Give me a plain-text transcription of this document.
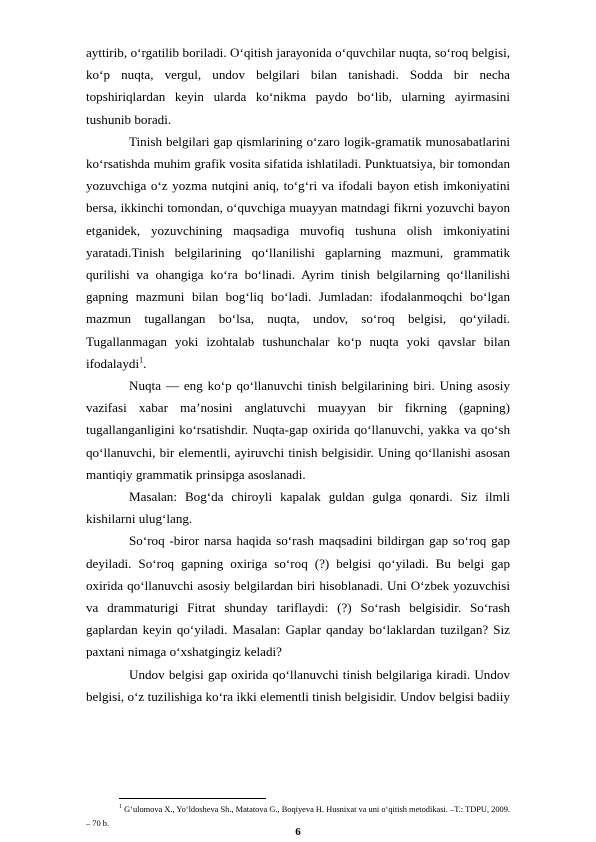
ayttirib, o‘rgatilib boriladi. O‘qitish jarayonida o‘quvchilar nuqta, so‘roq belgisi, ko‘p nuqta, vergul, undov belgilari bilan tanishadi. Sodda bir necha topshiriqlardan keyin ularda ko‘nikma paydo bo‘lib, ularning ayirmasini tushunib boradi.

Tinish belgilari gap qismlarining o‘zaro logik-gramatik munosabatlarini ko‘rsatishda muhim grafik vosita sifatida ishlatiladi. Punktuatsiya, bir tomondan yozuvchiga o‘z yozma nutqini aniq, to‘g‘ri va ifodali bayon etish imkoniyatini bersa, ikkinchi tomondan, o‘quvchiga muayyan matndagi fikrni yozuvchi bayon etganidek, yozuvchining maqsadiga muvofiq tushuna olish imkoniyatini yaratadi.Tinish belgilarining qo‘llanilishi gaplarning mazmuni, grammatik qurilishi va ohangiga ko‘ra bo‘linadi. Ayrim tinish belgilarning qo‘llanilishi gapning mazmuni bilan bog‘liq bo‘ladi. Jumladan: ifodalanmoqchi bo‘lgan mazmun tugallangan bo‘lsa, nuqta, undov, so‘roq belgisi, qo‘yiladi. Tugallanmagan yoki izohtalab tushunchalar ko‘p nuqta yoki qavslar bilan ifodalaydi$^1$.

Nuqta — eng ko‘p qo‘llanuvchi tinish belgilarining biri. Uning asosiy vazifasi xabar ma’nosini anglatuvchi muayyan bir fikrning (gapning) tugallanganligini ko‘rsatishdir. Nuqta-gap oxirida qo‘llanuvchi, yakka va qo‘sh qo‘llanuvchi, bir elementli, ayiruvchi tinish belgisidir. Uning qo‘llanishi asosan mantiqiy grammatik prinsipga asoslanadi.

Masalan: Bog‘da chiroyli kapalak guldan gulga qonardi. Siz ilmli kishilarni ulug‘lang.

So‘roq -biror narsa haqida so‘rash maqsadini bildirgan gap so‘roq gap deyiladi. So‘roq gapning oxiriga so‘roq (?) belgisi qo‘yiladi. Bu belgi gap oxirida qo‘llanuvchi asosiy belgilardan biri hisoblanadi. Uni O‘zbek yozuvchisi va drammaturigi Fitrat shunday tariflaydi: (?) So‘rash belgisidir. So‘rash gaplardan keyin qo‘yiladi. Masalan: Gaplar qanday bo‘laklardan tuzilgan? Siz paxtani nimaga o‘xshatgingiz keladi?

Undov belgisi gap oxirida qo‘llanuvchi tinish belgilariga kiradi. Undov belgisi, o‘z tuzilishiga ko‘ra ikki elementli tinish belgisidir. Undov belgisi badiiy

$^1$ G‘ulomova X., Yo‘ldosheva Sh., Matatova G., Boqiyeva H. Husnixat va uni o‘qitish metodikasi. –T.: TDPU, 2009. – 70 b.
6
